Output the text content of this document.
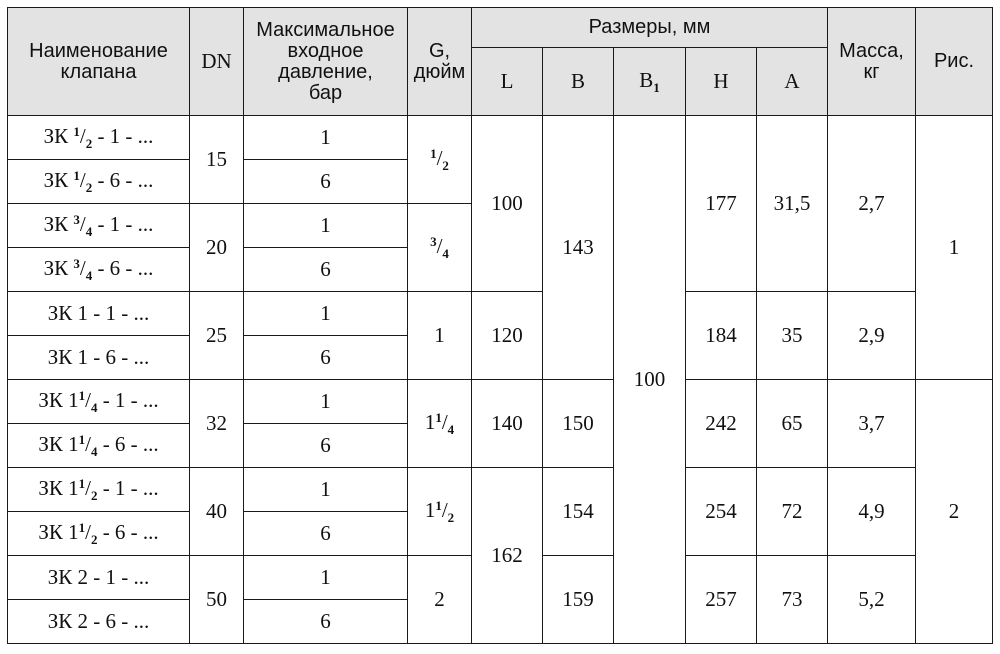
Наименование
клапана	DN	Максимальное
входное
давление,
бар	G,
дюйм	Размеры, мм					Масса,
кг	Рис.
				L	B	$B_1$	H	A		
ЗК $^1/_2 - 1$ - ...	15	1	$^1/_2$	100	143	100	177	31,5	2,7	1
ЗК $^1/_2 - 6$ - ...		6								
ЗК $^3/_4 - 1$ - ...	20	1	$^3/_4$
ЗК $^3/_4 - 6$ - ...		6								
ЗК 1 - 1 - ...	25	1	1	120			184	35	2,9	
ЗК 1 - 6 - ...		6								
ЗК $1^1/_4 - 1$ - ...	32	1	$1^1/_4$	140	150		242	65	3,7	2
ЗК $1^1/_4 - 6$ - ...		6								
ЗК $1^1/_2 - 1$ - ...	40	1	$1^1/_2$	162	154		254	72	4,9	
ЗК $1^1/_2 - 6$ - ...		6								
ЗК 2 - 1 - ...	50	1	2		159		257	73	5,2	
ЗК 2 - 6 - ...		6								
